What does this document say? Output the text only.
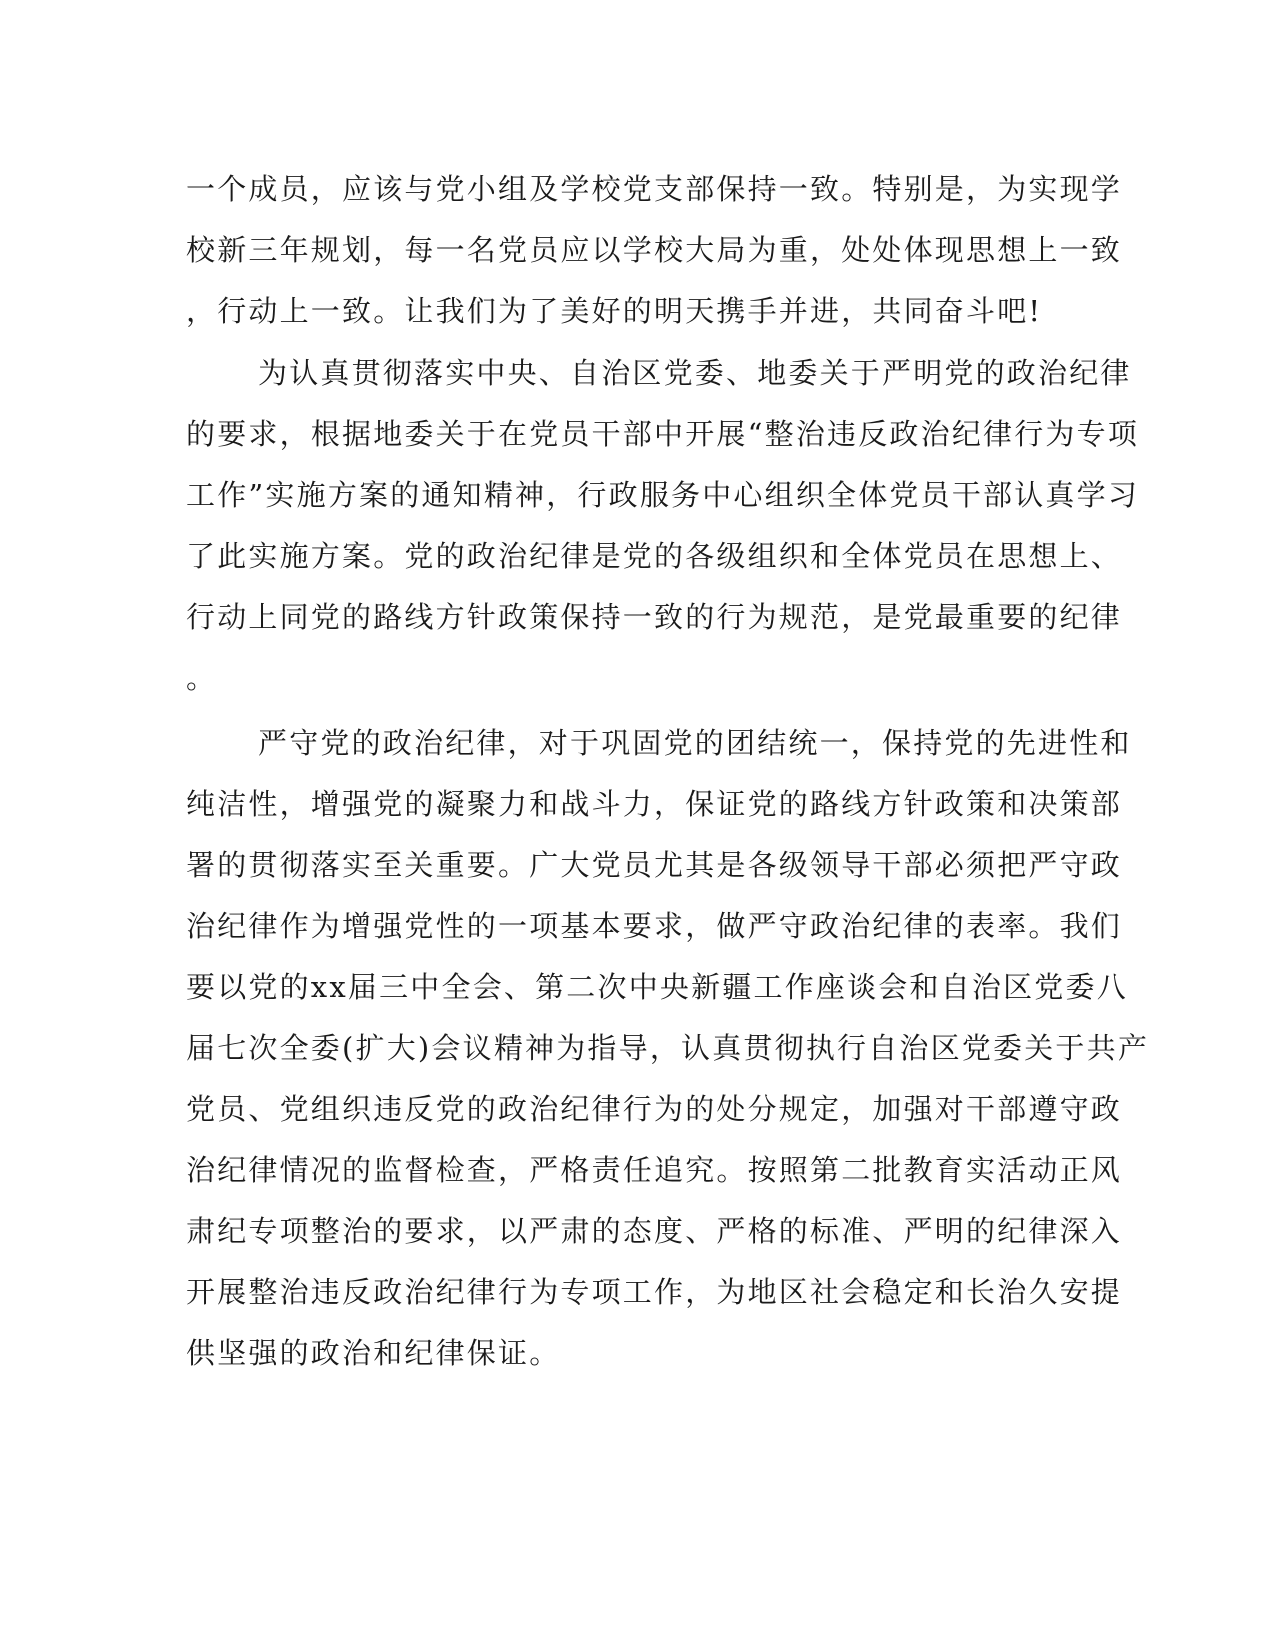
一个成员，应该与党小组及学校党支部保持一致。特别是，为实现学
校新三年规划，每一名党员应以学校大局为重，处处体现思想上一致
，行动上一致。让我们为了美好的明天携手并进，共同奋斗吧!
为认真贯彻落实中央、自治区党委、地委关于严明党的政治纪律
的要求，根据地委关于在党员干部中开展“整治违反政治纪律行为专项
工作”实施方案的通知精神，行政服务中心组织全体党员干部认真学习
了此实施方案。党的政治纪律是党的各级组织和全体党员在思想上、
行动上同党的路线方针政策保持一致的行为规范，是党最重要的纪律
。
严守党的政治纪律，对于巩固党的团结统一，保持党的先进性和
纯洁性，增强党的凝聚力和战斗力，保证党的路线方针政策和决策部
署的贯彻落实至关重要。广大党员尤其是各级领导干部必须把严守政
治纪律作为增强党性的一项基本要求，做严守政治纪律的表率。我们
要以党的xx届三中全会、第二次中央新疆工作座谈会和自治区党委八
届七次全委(扩大)会议精神为指导，认真贯彻执行自治区党委关于共产
党员、党组织违反党的政治纪律行为的处分规定，加强对干部遵守政
治纪律情况的监督检查，严格责任追究。按照第二批教育实活动正风
肃纪专项整治的要求，以严肃的态度、严格的标准、严明的纪律深入
开展整治违反政治纪律行为专项工作，为地区社会稳定和长治久安提
供坚强的政治和纪律保证。
